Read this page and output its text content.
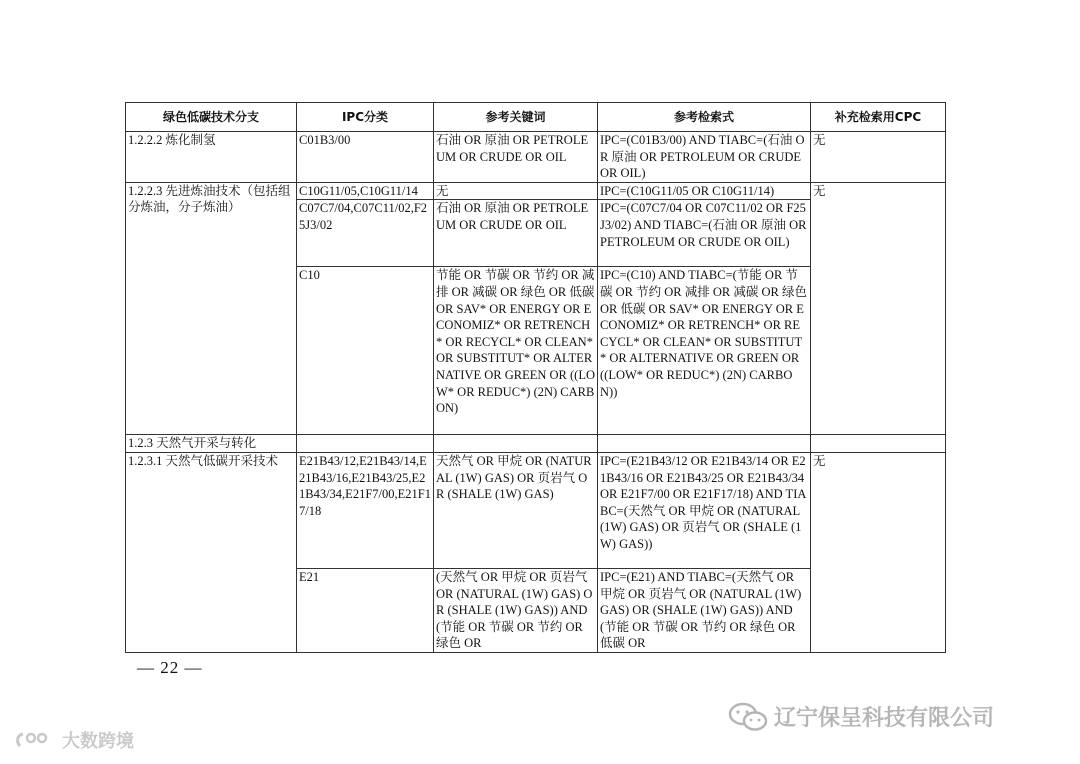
绿色低碳技术分支	IPC分类	参考关键词	参考检索式	补充检索用CPC
1.2.2.2 炼化制氢	C01B3/00	石油 OR 原油 OR PETROLEUM OR CRUDE OR OIL	IPC=(C01B3/00) AND TIABC=(石油 OR 原油 OR PETROLEUM OR CRUDE OR OIL)	无
1.2.2.3 先进炼油技术（包括组分炼油，分子炼油）	C10G11/05,C10G11/14	无	IPC=(C10G11/05 OR C10G11/14)	无
	C07C7/04,C07C11/02,F25J3/02	石油 OR 原油 OR PETROLEUM OR CRUDE OR OIL	IPC=(C07C7/04 OR C07C11/02 OR F25J3/02) AND TIABC=(石油 OR 原油 OR PETROLEUM OR CRUDE OR OIL)	
	C10	节能 OR 节碳 OR 节约 OR 减排 OR 减碳 OR 绿色 OR 低碳 OR SAV* OR ENERGY OR ECONOMIZ* OR RETRENCH* OR RECYCL* OR CLEAN* OR SUBSTITUT* OR ALTERNATIVE OR GREEN OR ((LOW* OR REDUC*) (2N) CARBON)	IPC=(C10) AND TIABC=(节能 OR 节碳 OR 节约 OR 减排 OR 减碳 OR 绿色 OR 低碳 OR SAV* OR ENERGY OR ECONOMIZ* OR RETRENCH* OR RECYCL* OR CLEAN* OR SUBSTITUT* OR ALTERNATIVE OR GREEN OR ((LOW* OR REDUC*) (2N) CARBON))	
1.2.3 天然气开采与转化				
1.2.3.1 天然气低碳开采技术	E21B43/12,E21B43/14,E21B43/16,E21B43/25,E21B43/34,E21F7/00,E21F17/18	天然气 OR 甲烷 OR (NATURAL (1W) GAS) OR 页岩气 OR (SHALE (1W) GAS)	IPC=(E21B43/12 OR E21B43/14 OR E21B43/16 OR E21B43/25 OR E21B43/34 OR E21F7/00 OR E21F17/18) AND TIABC=(天然气 OR 甲烷 OR (NATURAL (1W) GAS) OR 页岩气 OR (SHALE (1W) GAS))	无
	E21	(天然气 OR 甲烷 OR 页岩气 OR (NATURAL (1W) GAS) OR (SHALE (1W) GAS)) AND (节能 OR 节碳 OR 节约 OR 绿色 OR	IPC=(E21) AND TIABC=(天然气 OR 甲烷 OR 页岩气 OR (NATURAL (1W) GAS) OR (SHALE (1W) GAS)) AND (节能 OR 节碳 OR 节约 OR 绿色 OR 低碳 OR	
— 22 —
大数跨境
辽宁保呈科技有限公司
